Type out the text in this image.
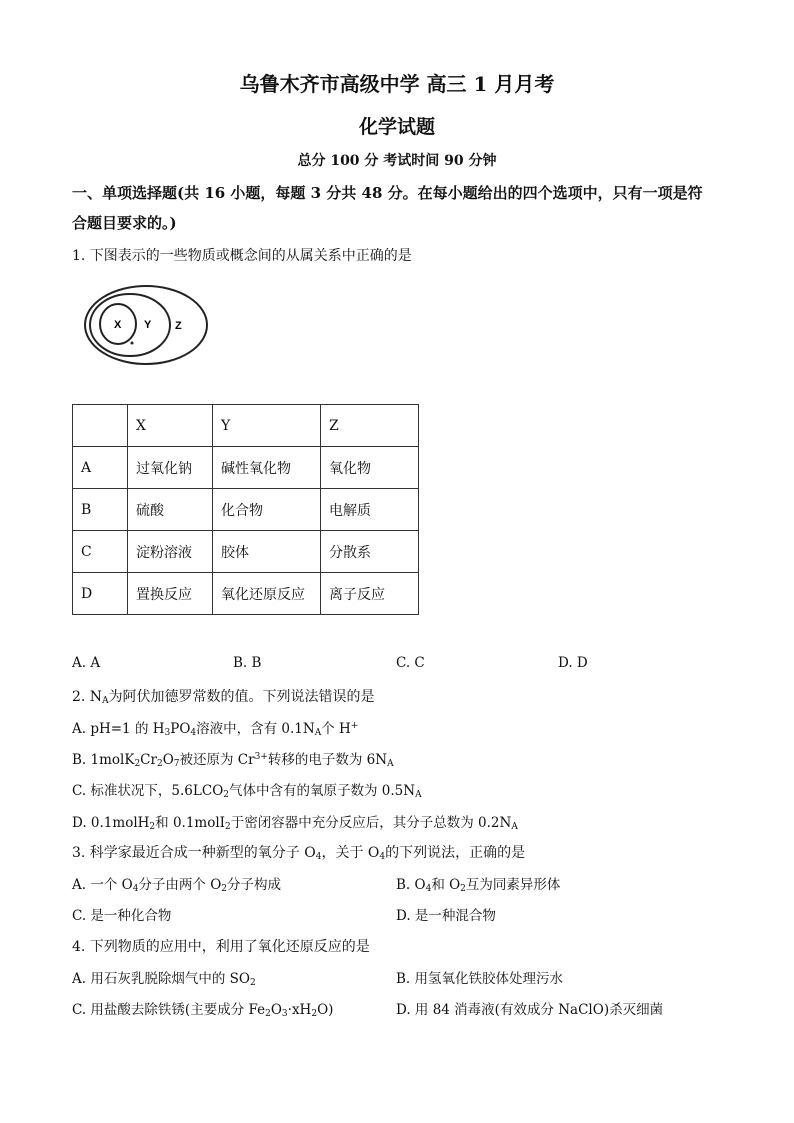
乌鲁木齐市高级中学 高三 1 月月考
化学试题
总分 100 分 考试时间 90 分钟
一、单项选择题(共 16 小题，每题 3 分共 48 分。在每小题给出的四个选项中，只有一项是符
合题目要求的。)
1. 下图表示的一些物质或概念间的从属关系中正确的是
X Y Z
	X	Y	Z
A	过氧化钠	碱性氧化物	氧化物
B	硫酸	化合物	电解质
C	淀粉溶液	胶体	分散系
D	置换反应	氧化还原反应	离子反应
A. A	B. B	C. C	D. D
2. $N_A$为阿伏加德罗常数的值。下列说法错误的是
A. pH=1 的 $H_3PO_4$溶液中，含有 $0.1N_A$个 H+
B. $1molK_2Cr_2O_7$被还原为 $Cr^{3+}$转移的电子数为 $6N_A$
C. 标准状况下，$5.6LCO_2$气体中含有的氧原子数为 $0.5N_A$
D. 0.1molH$_2$和 0.1molI$_2$于密闭容器中充分反应后，其分子总数为 $0.2N_A$
3. 科学家最近合成一种新型的氧分子 $O_4$，关于 $O_4$的下列说法，正确的是
A. 一个 $O_4$分子由两个 $O_2$分子构成	B. $O_4$和 $O_2$互为同素异形体
C. 是一种化合物	D. 是一种混合物
4. 下列物质的应用中，利用了氧化还原反应的是
A. 用石灰乳脱除烟气中的 $SO_2$	B. 用氢氧化铁胶体处理污水
C. 用盐酸去除铁锈(主要成分 $Fe_2O_3\cdot xH_2O$)	D. 用 84 消毒液(有效成分 NaClO)杀灭细菌
